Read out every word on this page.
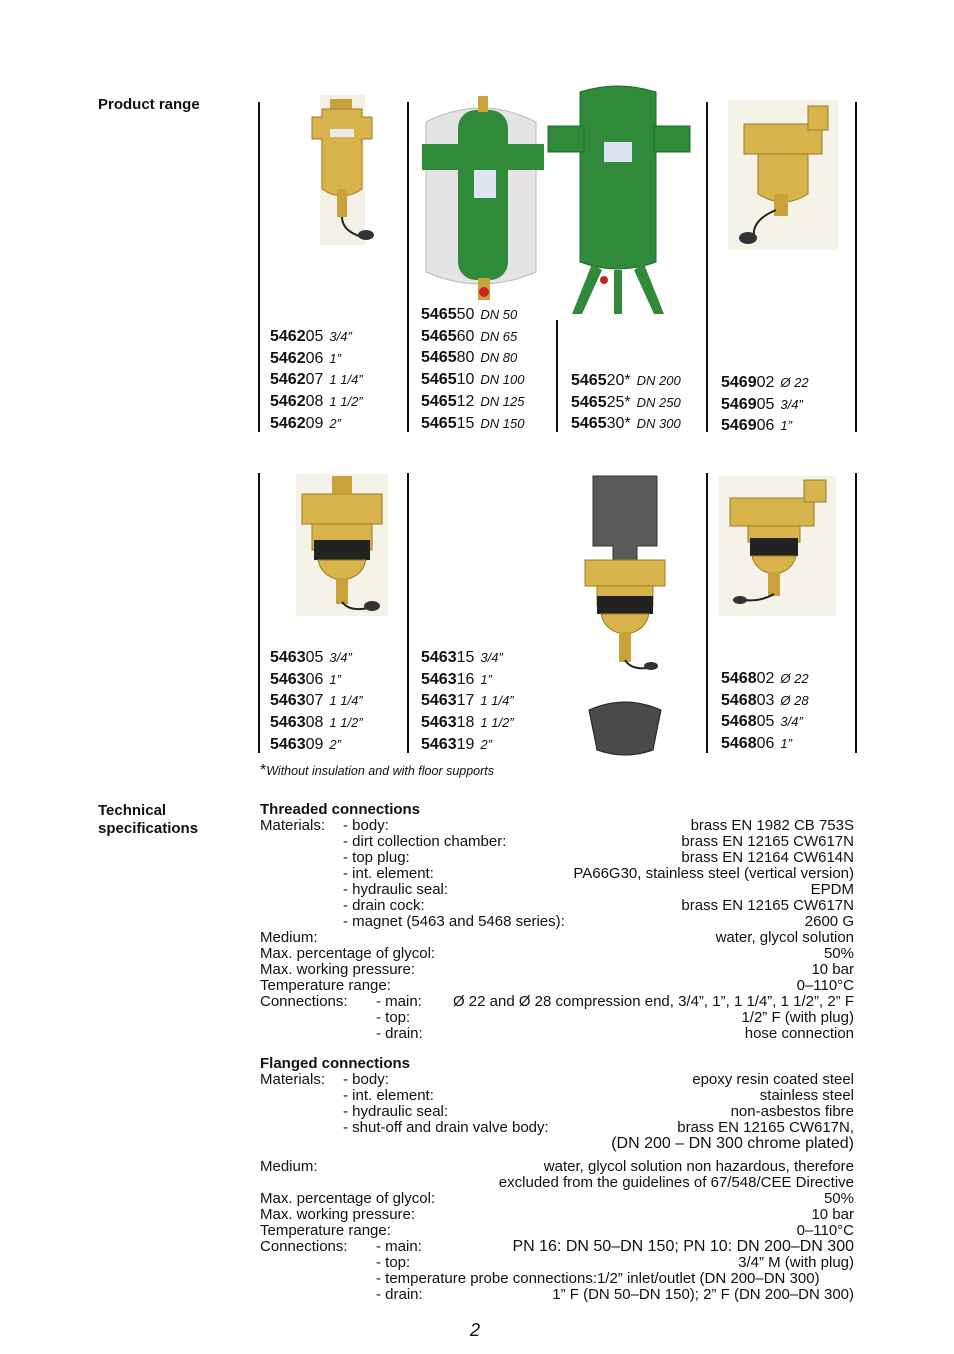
Product range
Technical
specifications
546205 3/4”
546206 1”
546207 1 1/4”
546208 1 1/2”
546209 2”
546550 DN 50
546560 DN 65
546580 DN 80
546510 DN 100
546512 DN 125
546515 DN 150
546520* DN 200
546525* DN 250
546530* DN 300
546902 Ø 22
546905 3/4”
546906 1”
546305 3/4”
546306 1”
546307 1 1/4”
546308 1 1/2”
546309 2”
546315 3/4”
546316 1”
546317 1 1/4”
546318 1 1/2”
546319 2”
546802 Ø 22
546803 Ø 28
546805 3/4”
546806 1”
*Without insulation and with floor supports
Threaded connections
Materials: - body:	brass EN 1982 CB 753S
- dirt collection chamber:	brass EN 12165 CW617N
- top plug:	brass EN 12164 CW614N
- int. element:	PA66G30, stainless steel (vertical version)
- hydraulic seal:	EPDM
- drain cock:	brass EN 12165 CW617N
- magnet (5463 and 5468 series):	2600 G
Medium:	water, glycol solution
Max. percentage of glycol:	50%
Max. working pressure:	10 bar
Temperature range:	0–110°C
Connections: - main: Ø 22 and Ø 28 compression end, 3/4”, 1”, 1 1/4”, 1 1/2”, 2” F
- top:	1/2” F (with plug)
- drain:	hose connection
Flanged connections
Materials: - body:	epoxy resin coated steel
- int. element:	stainless steel
- hydraulic seal:	non-asbestos fibre
- shut-off and drain valve body:	brass EN 12165 CW617N,
(DN 200 – DN 300 chrome plated)
Medium:	water, glycol solution non hazardous, therefore
excluded from the guidelines of 67/548/CEE Directive
Max. percentage of glycol:	50%
Max. working pressure:	10 bar
Temperature range:	0–110°C
Connections: - main:	PN 16: DN 50–DN 150; PN 10: DN 200–DN 300
- top:	3/4” M (with plug)
- temperature probe connections:1/2” inlet/outlet (DN 200–DN 300)
- drain:	1” F (DN 50–DN 150); 2” F (DN 200–DN 300)
2
